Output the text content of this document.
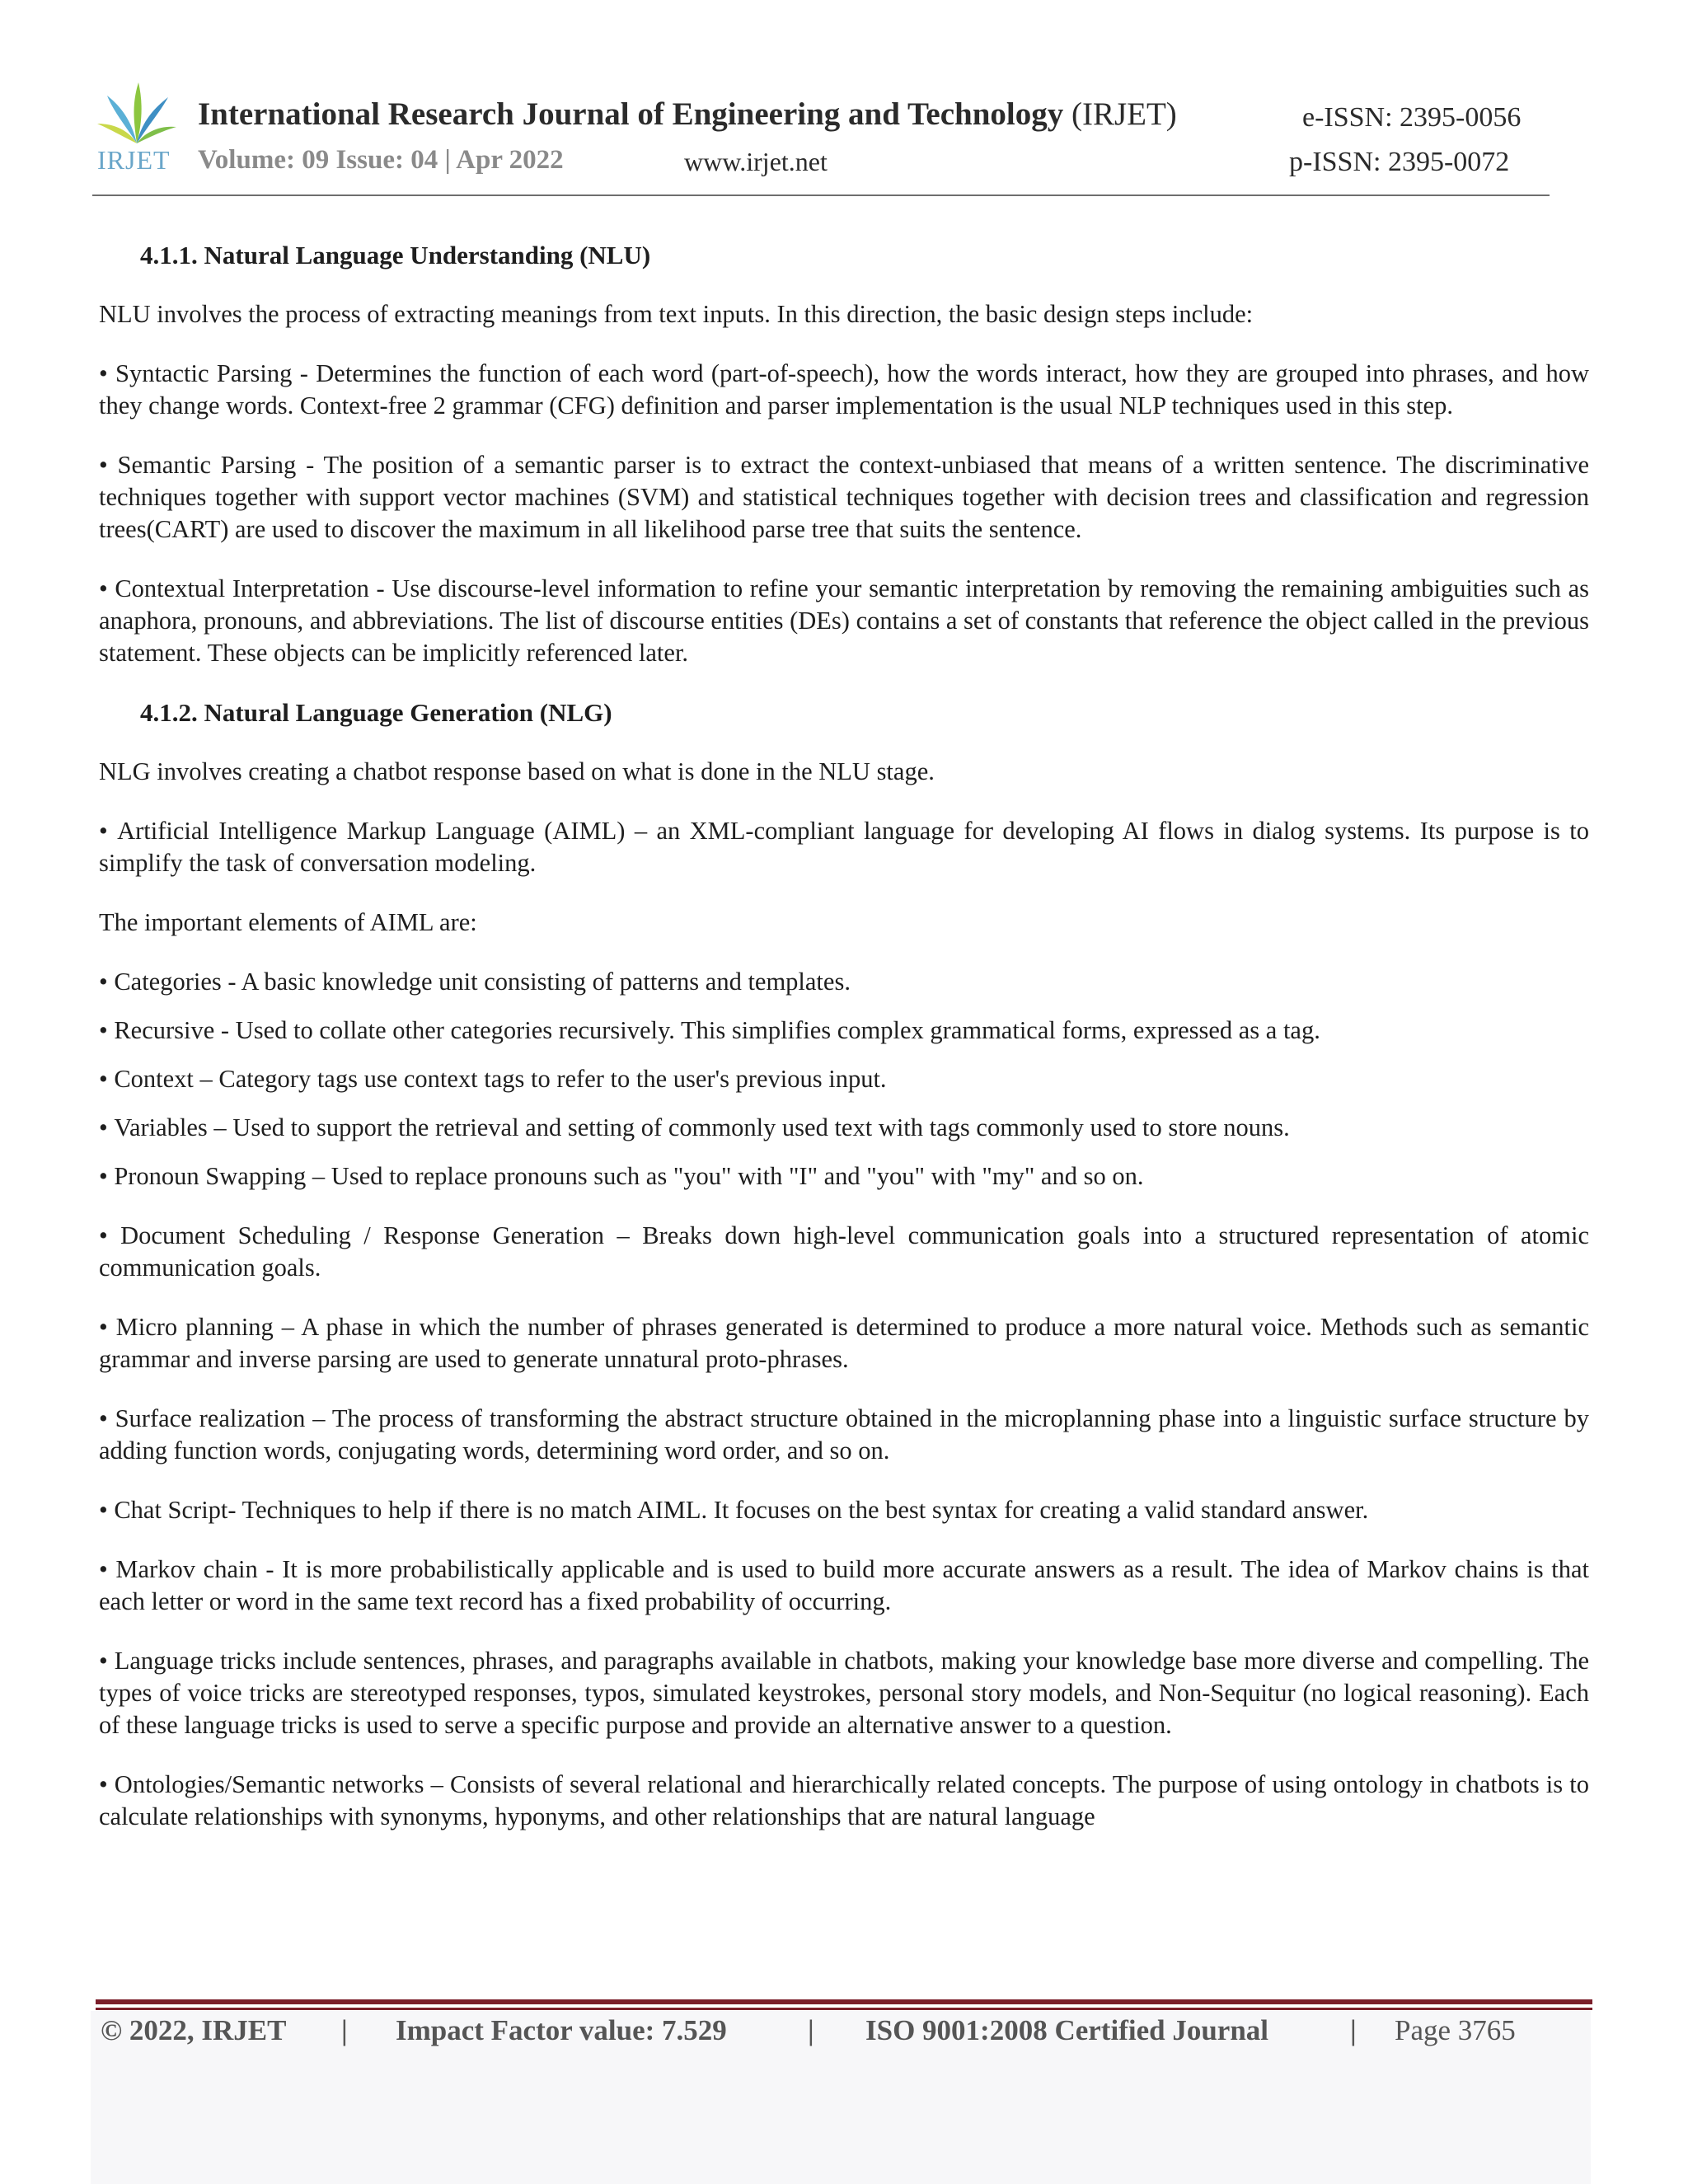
IRJET
International Research Journal of Engineering and Technology (IRJET)	e-ISSN: 2395-0056
Volume: 09 Issue: 04 | Apr 2022	www.irjet.net	p-ISSN: 2395-0072
4.1.1. Natural Language Understanding (NLU)

NLU involves the process of extracting meanings from text inputs. In this direction, the basic design steps include:

• Syntactic Parsing - Determines the function of each word (part-of-speech), how the words interact, how they are grouped into phrases, and how they change words. Context-free 2 grammar (CFG) definition and parser implementation is the usual NLP techniques used in this step.

• Semantic Parsing - The position of a semantic parser is to extract the context-unbiased that means of a written sentence. The discriminative techniques together with support vector machines (SVM) and statistical techniques together with decision trees and classification and regression trees(CART) are used to discover the maximum in all likelihood parse tree that suits the sentence.

• Contextual Interpretation - Use discourse-level information to refine your semantic interpretation by removing the remaining ambiguities such as anaphora, pronouns, and abbreviations. The list of discourse entities (DEs) contains a set of constants that reference the object called in the previous statement. These objects can be implicitly referenced later.

4.1.2. Natural Language Generation (NLG)

NLG involves creating a chatbot response based on what is done in the NLU stage.

• Artificial Intelligence Markup Language (AIML) – an XML-compliant language for developing AI flows in dialog systems. Its purpose is to simplify the task of conversation modeling.

The important elements of AIML are:

• Categories - A basic knowledge unit consisting of patterns and templates.

• Recursive - Used to collate other categories recursively. This simplifies complex grammatical forms, expressed as a tag.

• Context – Category tags use context tags to refer to the user's previous input.

• Variables – Used to support the retrieval and setting of commonly used text with tags commonly used to store nouns.

• Pronoun Swapping – Used to replace pronouns such as "you" with "I" and "you" with "my" and so on.

• Document Scheduling / Response Generation – Breaks down high-level communication goals into a structured representation of atomic communication goals.

• Micro planning – A phase in which the number of phrases generated is determined to produce a more natural voice. Methods such as semantic grammar and inverse parsing are used to generate unnatural proto-phrases.

• Surface realization – The process of transforming the abstract structure obtained in the microplanning phase into a linguistic surface structure by adding function words, conjugating words, determining word order, and so on.

• Chat Script- Techniques to help if there is no match AIML. It focuses on the best syntax for creating a valid standard answer.

• Markov chain - It is more probabilistically applicable and is used to build more accurate answers as a result. The idea of Markov chains is that each letter or word in the same text record has a fixed probability of occurring.

• Language tricks include sentences, phrases, and paragraphs available in chatbots, making your knowledge base more diverse and compelling. The types of voice tricks are stereotyped responses, typos, simulated keystrokes, personal story models, and Non-Sequitur (no logical reasoning). Each of these language tricks is used to serve a specific purpose and provide an alternative answer to a question.

• Ontologies/Semantic networks – Consists of several relational and hierarchically related concepts. The purpose of using ontology in chatbots is to calculate relationships with synonyms, hyponyms, and other relationships that are natural language

© 2022, IRJET | Impact Factor value: 7.529	| ISO 9001:2008 Certified Journal	| Page 3765
